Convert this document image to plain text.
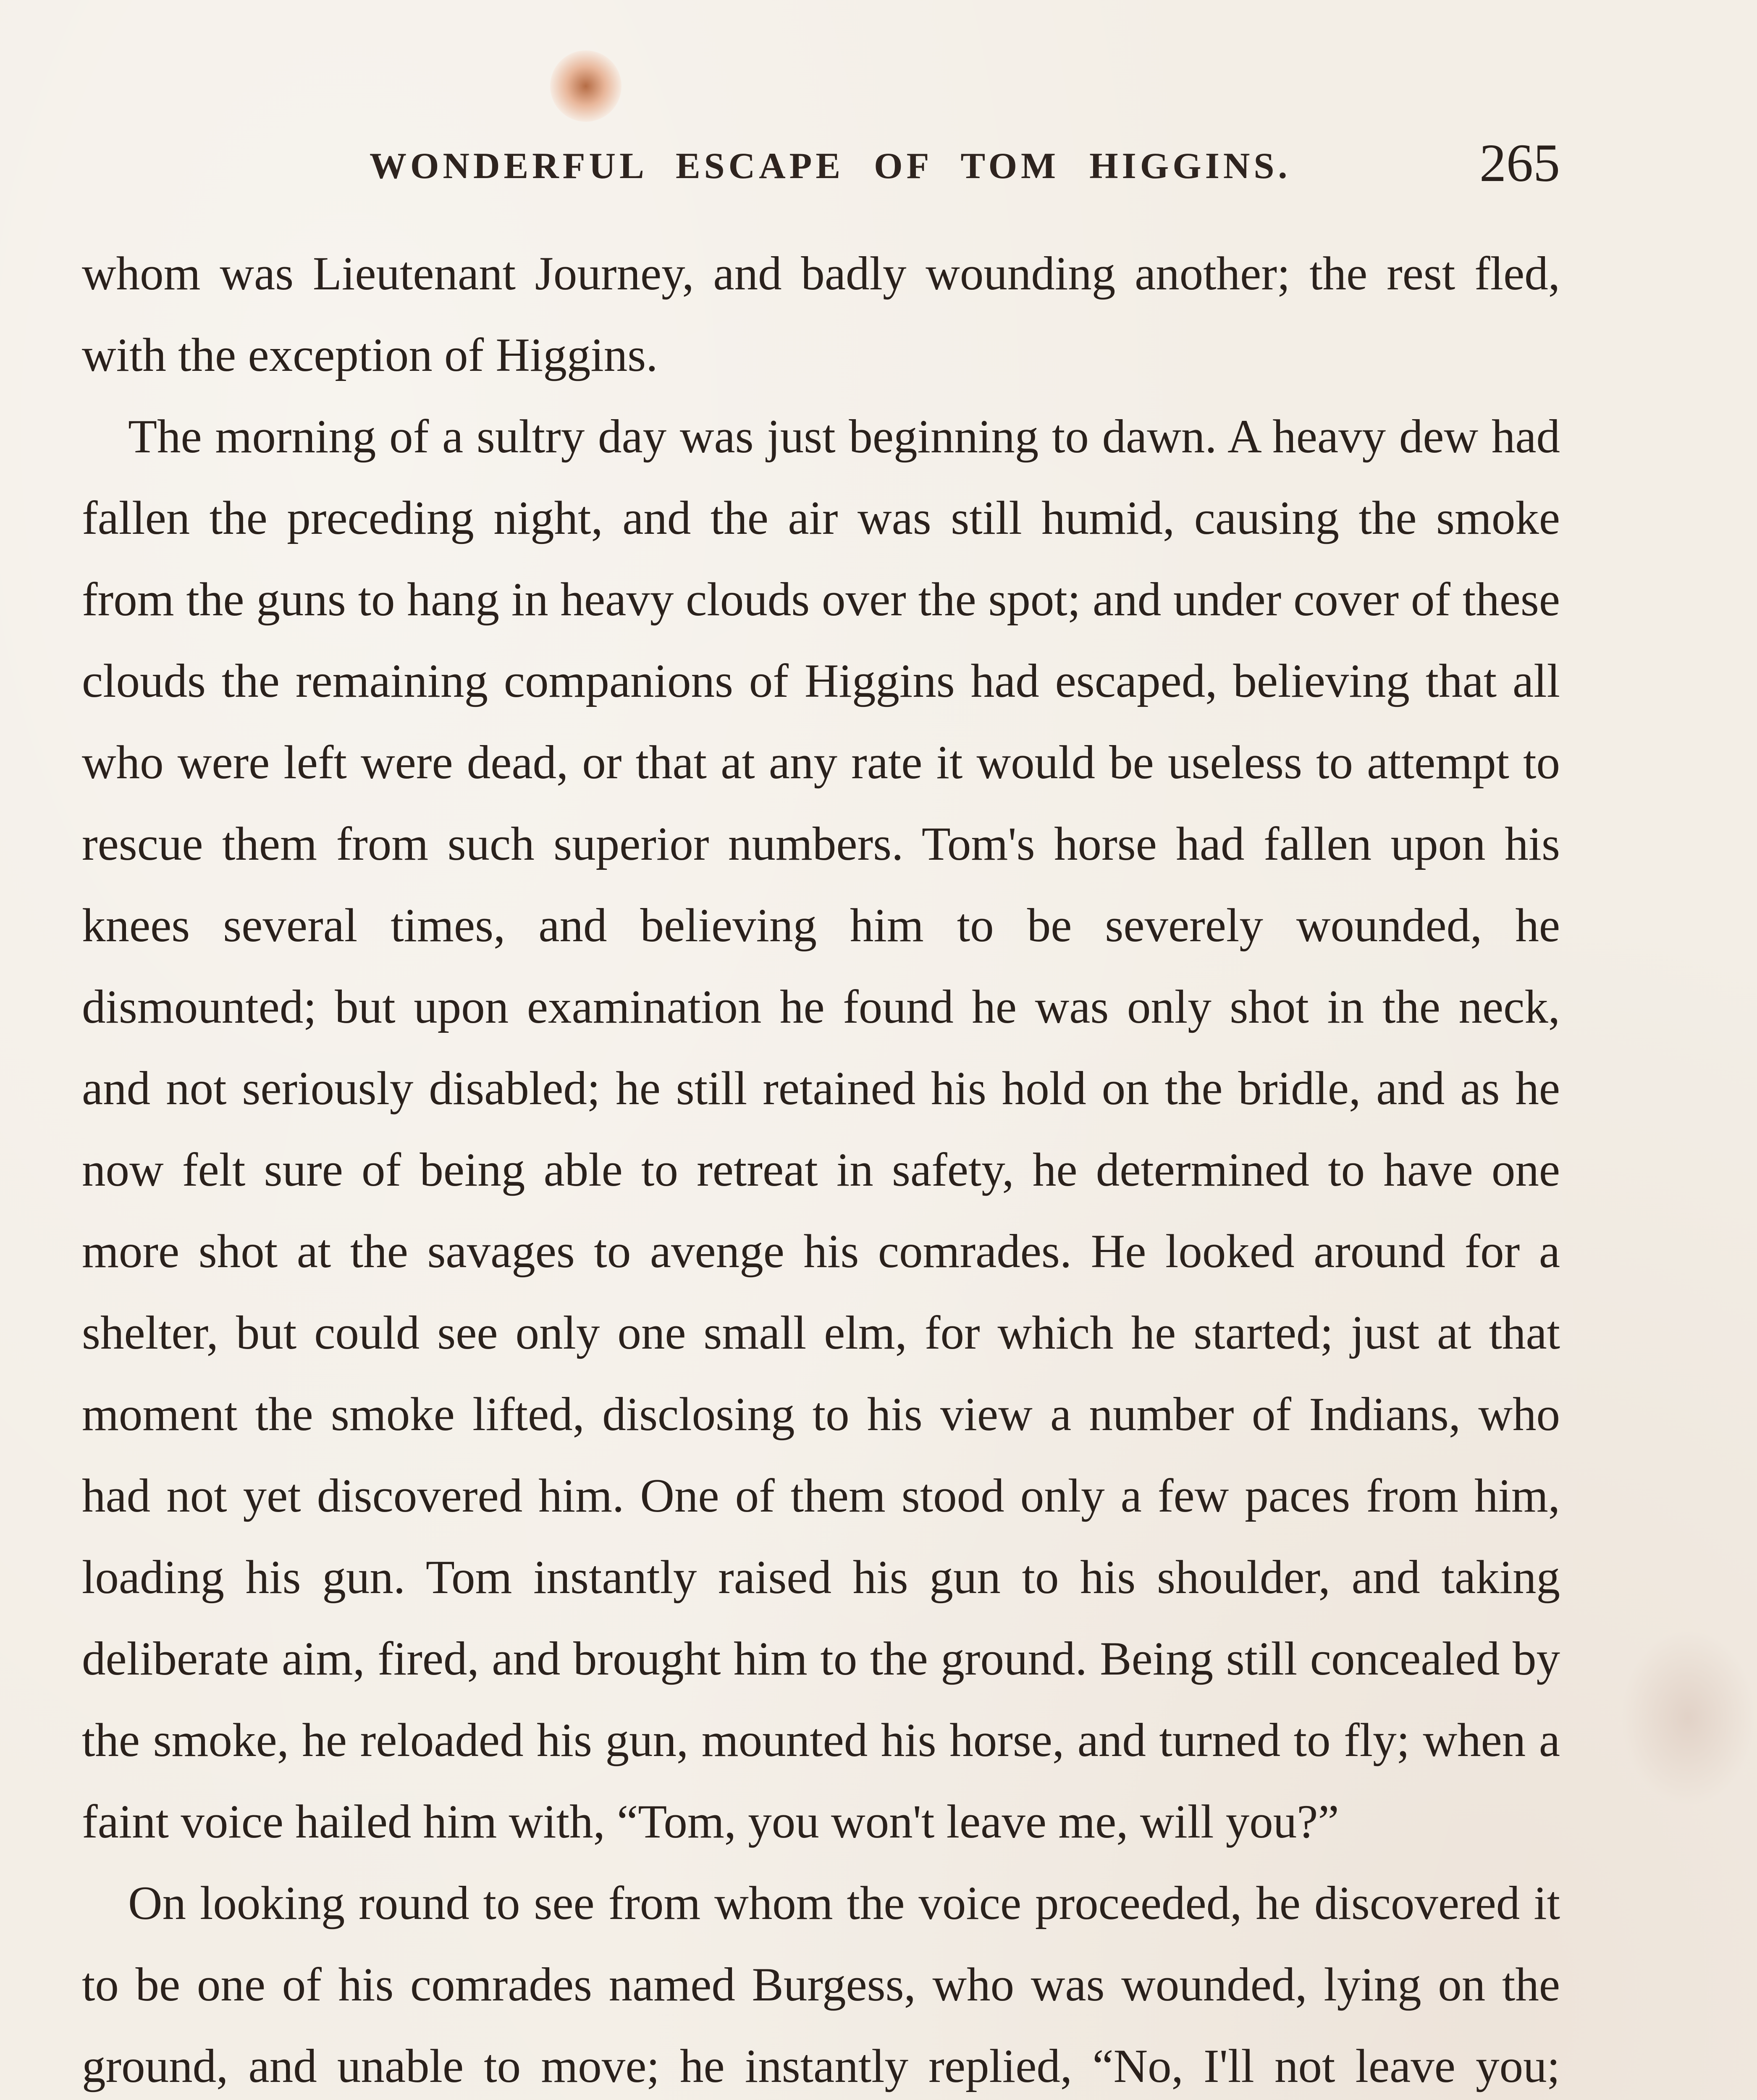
WONDERFUL ESCAPE OF TOM HIGGINS.	265

whom was Lieutenant Journey, and badly wounding another; the rest fled, with the exception of Higgins.

The morning of a sultry day was just beginning to dawn. A heavy dew had fallen the preceding night, and the air was still humid, causing the smoke from the guns to hang in heavy clouds over the spot; and under cover of these clouds the remaining companions of Higgins had escaped, believing that all who were left were dead, or that at any rate it would be useless to attempt to rescue them from such superior numbers. Tom's horse had fallen upon his knees several times, and believing him to be severely wounded, he dismounted; but upon examination he found he was only shot in the neck, and not seriously disabled; he still retained his hold on the bridle, and as he now felt sure of being able to retreat in safety, he determined to have one more shot at the savages to avenge his comrades. He looked around for a shelter, but could see only one small elm, for which he started; just at that moment the smoke lifted, disclosing to his view a number of Indians, who had not yet discovered him. One of them stood only a few paces from him, loading his gun. Tom instantly raised his gun to his shoulder, and taking deliberate aim, fired, and brought him to the ground. Being still concealed by the smoke, he reloaded his gun, mounted his horse, and turned to fly; when a faint voice hailed him with, “Tom, you won't leave me, will you?”

On looking round to see from whom the voice proceeded, he discovered it to be one of his comrades named Burgess, who was wounded, lying on the ground, and unable to move; he instantly replied, “No, I'll not leave you;
